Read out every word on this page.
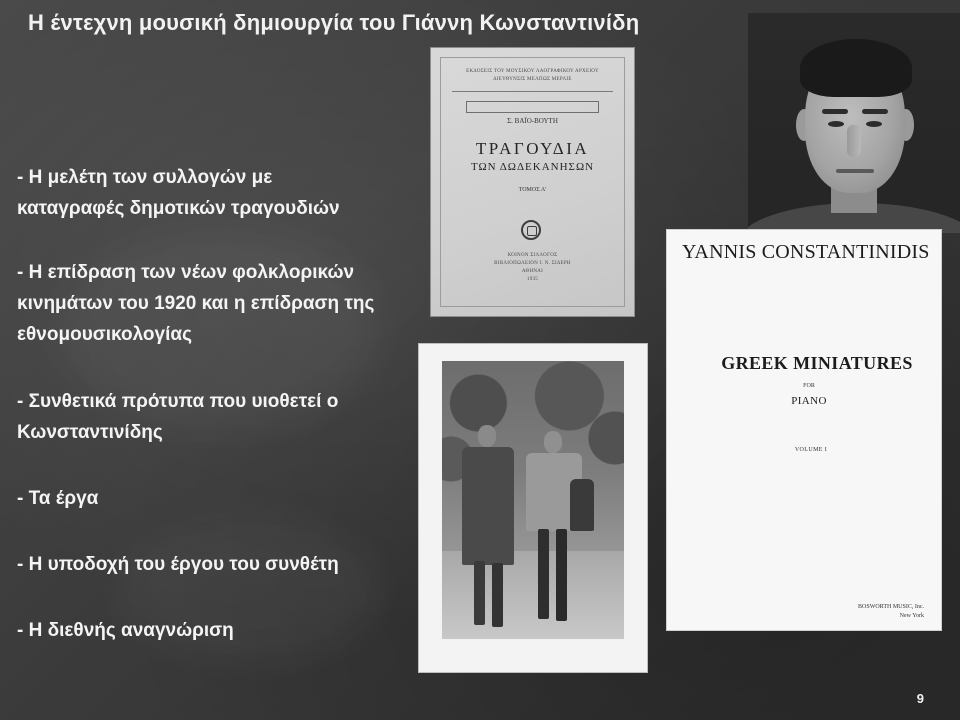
Η έντεχνη μουσική δημιουργία του Γιάννη Κωνσταντινίδη
- Η μελέτη των συλλογών με
καταγραφές δημοτικών τραγουδιών
- Η επίδραση των νέων φολκλορικών
κινημάτων του 1920 και η επίδραση της
εθνομουσικολογίας
- Συνθετικά πρότυπα που υιοθετεί ο
Κωνσταντινίδης
- Τα έργα
- Η υποδοχή του έργου του συνθέτη
- Η διεθνής αναγνώριση
ΕΚΔΟΣΕΙΣ ΤΟΥ ΜΟΥΣΙΚΟΥ ΛΑΟΓΡΑΦΙΚΟΥ ΑΡΧΕΙΟΥ
ΔΙΕΥΘΥΝΣΙΣ ΜΕΛΠΩΣ ΜΕΡΛΙΕ
Σ. ΒΑΪΟ-ΒΟΥΤΗ
ΤΡΑΓΟΥΔΙΑ
ΤΩΝ ΔΩΔΕΚΑΝΗΣΩΝ
ΤΟΜΟΣ Α'
ΚΟΙΝΟΝ ΣΙΛΛΟΓΟΣ
ΒΙΒΛΙΟΠΩΛΕΙΟΝ Ι. Ν. ΣΙΔΕΡΗ
ΑΘΗΝΑΙ
1935
YANNIS CONSTANTINIDIS
GREEK MINIATURES
FOR
PIANO
VOLUME I
BOSWORTH MUSIC, Inc.
New York
9
